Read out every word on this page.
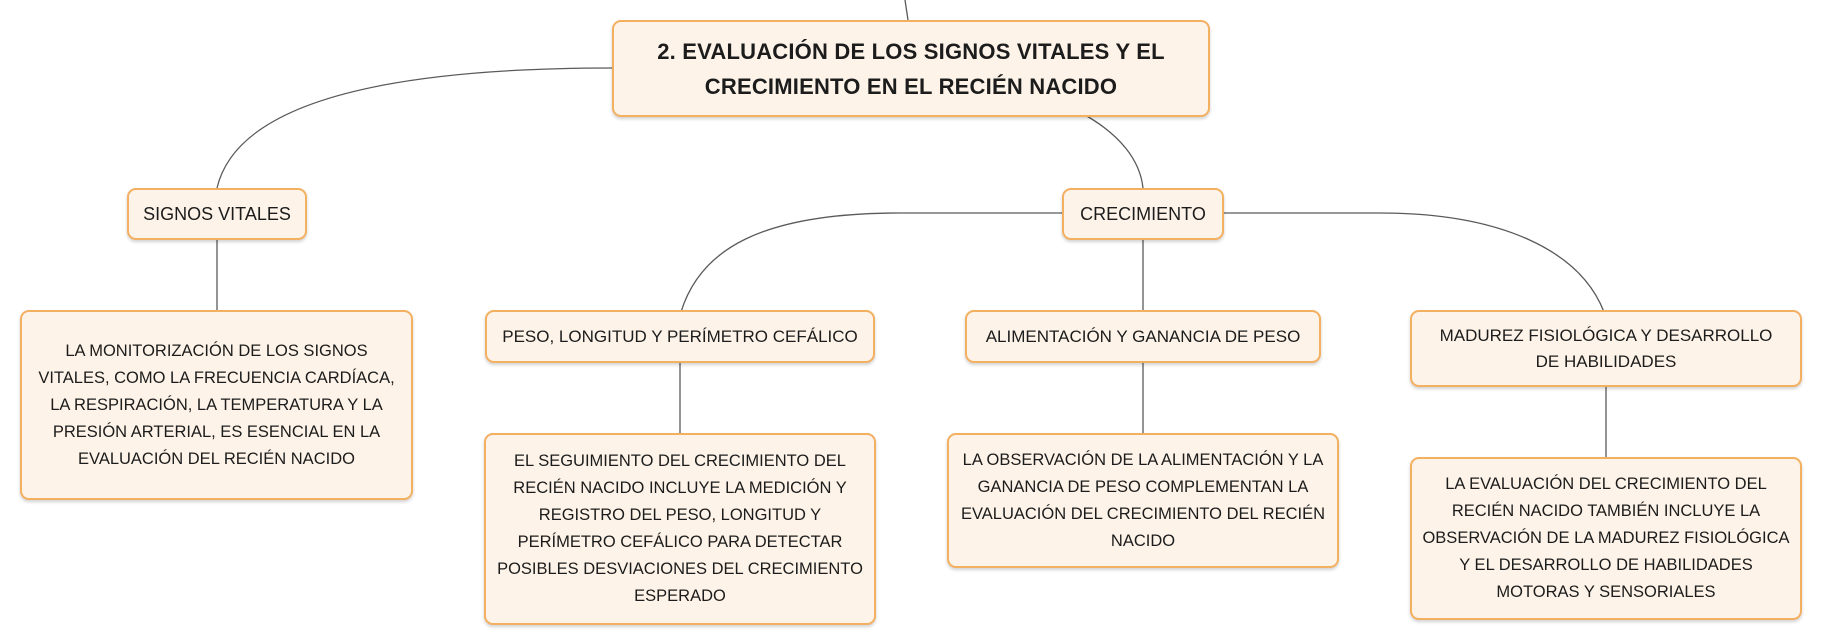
2. EVALUACIÓN DE LOS SIGNOS VITALES Y EL CRECIMIENTO EN EL RECIÉN NACIDO
SIGNOS VITALES	CRECIMIENTO
LA MONITORIZACIÓN DE LOS SIGNOS VITALES, COMO LA FRECUENCIA CARDÍACA, LA RESPIRACIÓN, LA TEMPERATURA Y LA PRESIÓN ARTERIAL, ES ESENCIAL EN LA EVALUACIÓN DEL RECIÉN NACIDO
PESO, LONGITUD Y PERÍMETRO CEFÁLICO	ALIMENTACIÓN Y GANANCIA DE PESO	MADUREZ FISIOLÓGICA Y DESARROLLO DE HABILIDADES
EL SEGUIMIENTO DEL CRECIMIENTO DEL RECIÉN NACIDO INCLUYE LA MEDICIÓN Y REGISTRO DEL PESO, LONGITUD Y PERÍMETRO CEFÁLICO PARA DETECTAR POSIBLES DESVIACIONES DEL CRECIMIENTO ESPERADO
LA OBSERVACIÓN DE LA ALIMENTACIÓN Y LA GANANCIA DE PESO COMPLEMENTAN LA EVALUACIÓN DEL CRECIMIENTO DEL RECIÉN NACIDO
LA EVALUACIÓN DEL CRECIMIENTO DEL RECIÉN NACIDO TAMBIÉN INCLUYE LA OBSERVACIÓN DE LA MADUREZ FISIOLÓGICA Y EL DESARROLLO DE HABILIDADES MOTORAS Y SENSORIALES
